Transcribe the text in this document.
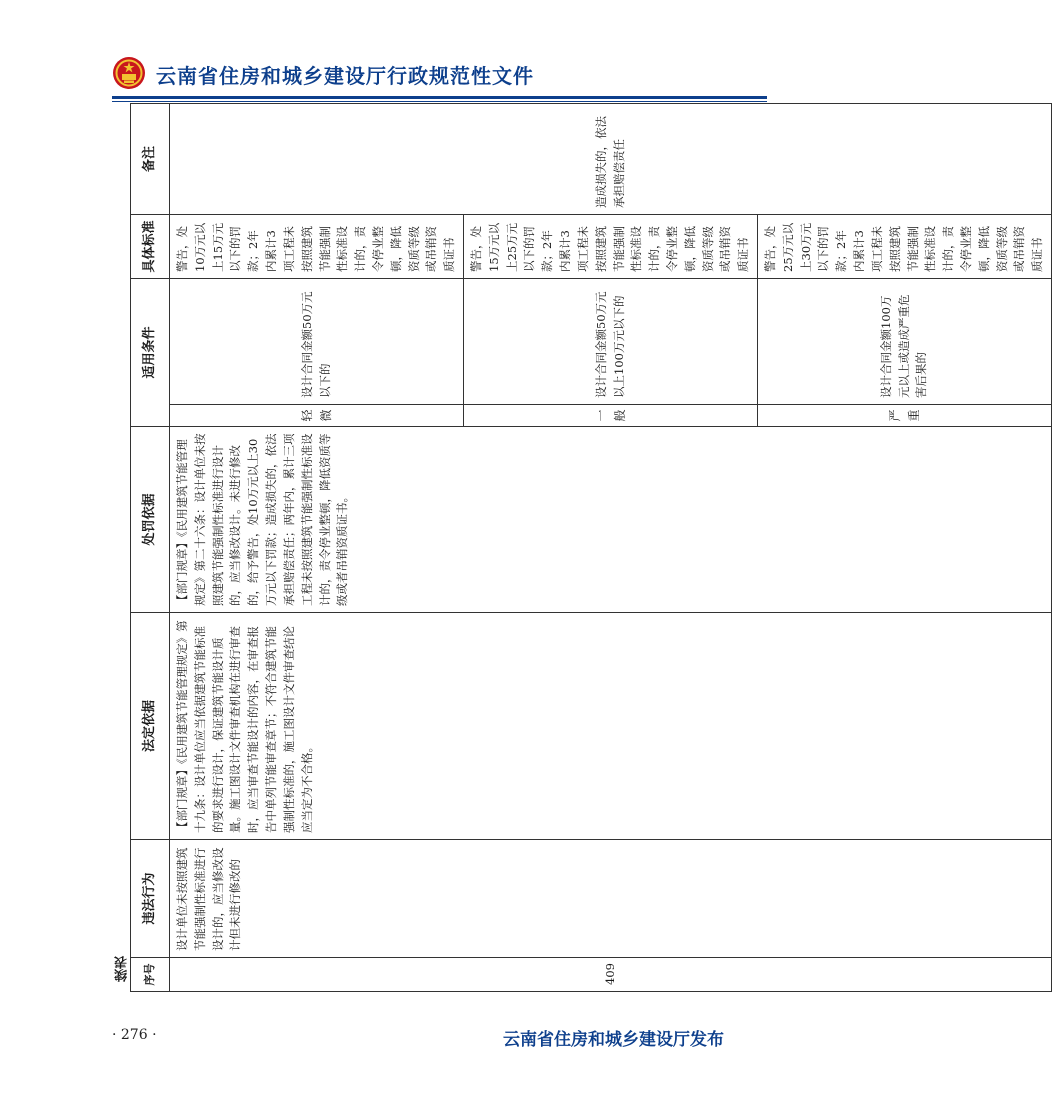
云南省住房和城乡建设厅行政规范性文件
续表 序号	违法行为	法定依据	处罚依据	适用条件		具体标准	备注
409	设计单位未按照建筑节能强制性标准进行设计的，应当修改设计但未进行修改的	【部门规章】《民用建筑节能管理规定》第十九条：设计单位应当依据建筑节能标准的要求进行设计，保证建筑节能设计质量。施工图设计文件审查机构在进行审查时，应当审查节能设计的内容，在审查报告中单列节能审查章节；不符合建筑节能强制性标准的，施工图设计文件审查结论应当定为不合格。	【部门规章】《民用建筑节能管理规定》第二十六条：设计单位未按照建筑节能强制性标准进行设计的，应当修改设计。未进行修改的，给予警告，处10万元以上30万元以下罚款；造成损失的，依法承担赔偿责任；两年内，累计三项工程未按照建筑节能强制性标准设计的，责令停业整顿，降低资质等级或者吊销资质证书。	轻微	设计合同金额50万元以下的	警告，处10万元以上15万元以下的罚款；2年内累计3项工程未按照建筑节能强制性标准设计的，责令停业整顿，降低资质等级或吊销资质证书	造成损失的，依法承担赔偿责任
				一般	设计合同金额50万元以上100万元以下的	警告，处15万元以上25万元以下的罚款；2年内累计3项工程未按照建筑节能强制性标准设计的，责令停业整顿，降低资质等级或吊销资质证书	
				严重	设计合同金额100万元以上或造成严重危害后果的	警告，处25万元以上30万元以下的罚款；2年内累计3项工程未按照建筑节能强制性标准设计的，责令停业整顿，降低资质等级或吊销资质证书	
· 276 ·	云南省住房和城乡建设厅发布
